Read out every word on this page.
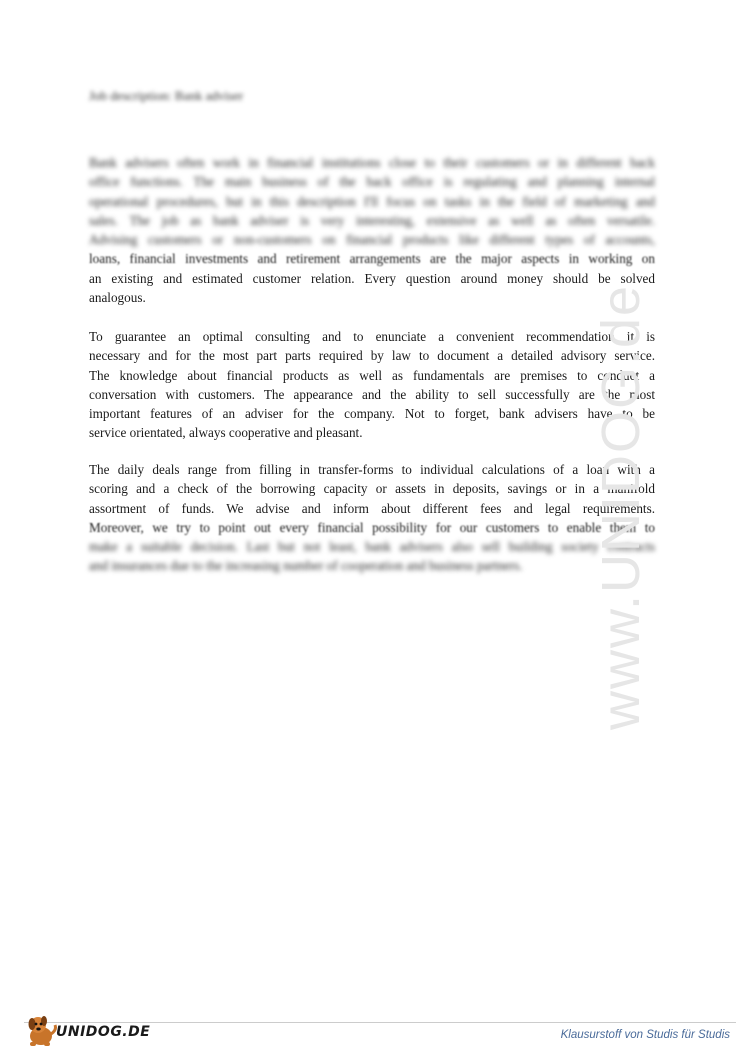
Job description: Bank adviser
Bank advisers often work in financial institutions close to their customers or in different back
office functions. The main business of the back office is regulating and planning internal
operational procedures, but in this description I'll focus on tasks in the field of marketing and
sales. The job as bank adviser is very interesting, extensive as well as often versatile.
Advising customers or non-customers on financial products like different types of accounts,
loans, financial investments and retirement arrangements are the major aspects in working on
an existing and estimated customer relation. Every question around money should be solved
analogous.
To guarantee an optimal consulting and to enunciate a convenient recommendation it is
necessary and for the most part parts required by law to document a detailed advisory service.
The knowledge about financial products as well as fundamentals are premises to conduct a
conversation with customers. The appearance and the ability to sell successfully are the most
important features of an adviser for the company. Not to forget, bank advisers have to be
service orientated, always cooperative and pleasant.
The daily deals range from filling in transfer-forms to individual calculations of a loan with a
scoring and a check of the borrowing capacity or assets in deposits, savings or in a manifold
assortment of funds. We advise and inform about different fees and legal requirements.
Moreover, we try to point out every financial possibility for our customers to enable them to
make a suitable decision. Last but not least, bank advisers also sell building society contracts
and insurances due to the increasing number of cooperation and business partners.	www.UNIDOG.de
UNIDOG.DE	Klausurstoff von Studis für Studis
